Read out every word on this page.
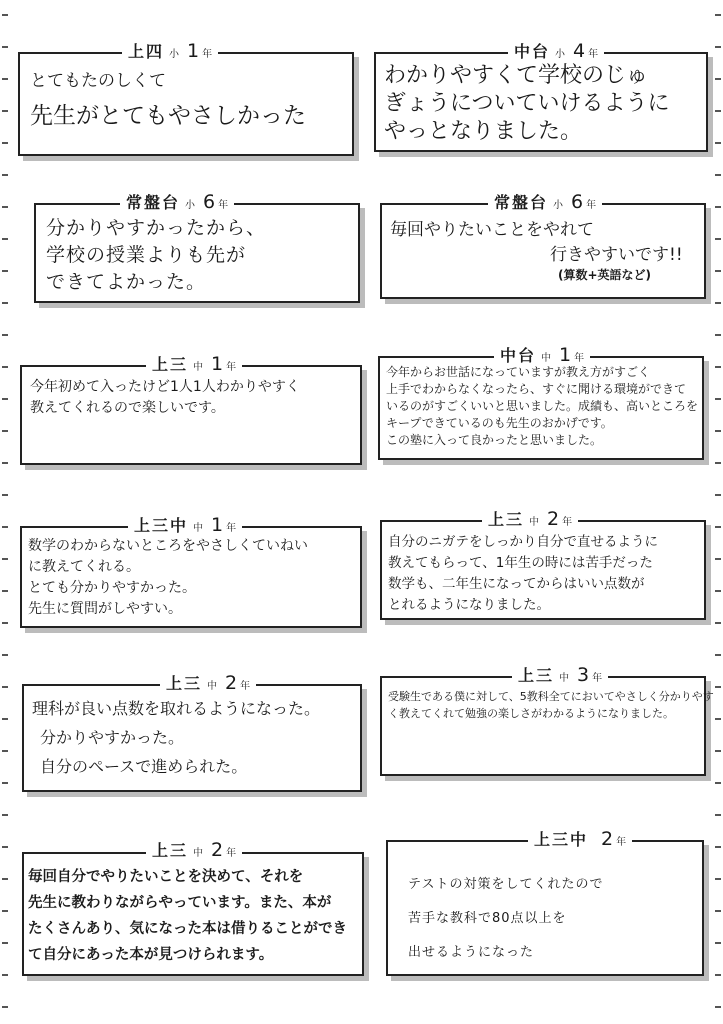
上四 小 1 年
とてもたのしくて
先生がとてもやさしかった
中台 小 4 年
わかりやすくて学校のじゅ
ぎょうについていけるように
やっとなりました。
常盤台 小 6 年
分かりやすかったから、
学校の授業よりも先が
できてよかった。
常盤台 小 6 年
毎回やりたいことをやれて
行きやすいです!!
(算数+英語など)
上三 中 1 年
今年初めて入ったけど1人1人わかりやすく
教えてくれるので楽しいです。
中台 中 1 年
今年からお世話になっていますが教え方がすごく
上手でわからなくなったら、すぐに聞ける環境ができて
いるのがすごくいいと思いました。成績も、高いところを
キープできているのも先生のおかげです。
この塾に入って良かったと思いました。
上三中 中 1 年
数学のわからないところをやさしくていねい
に教えてくれる。
とても分かりやすかった。
先生に質問がしやすい。
上三 中 2 年
自分のニガテをしっかり自分で直せるように
教えてもらって、1年生の時には苦手だった
数学も、二年生になってからはいい点数が
とれるようになりました。
上三 中 2 年
理科が良い点数を取れるようになった。
分かりやすかった。
自分のペースで進められた。
上三 中 3 年
受験生である僕に対して、5教科全てにおいてやさしく分かりやす
く教えてくれて勉強の楽しさがわかるようになりました。
上三 中 2 年
毎回自分でやりたいことを決めて、それを
先生に教わりながらやっています。また、本が
たくさんあり、気になった本は借りることができ
て自分にあった本が見つけられます。
上三中 2 年
テストの対策をしてくれたので
苦手な教科で80点以上を
出せるようになった
